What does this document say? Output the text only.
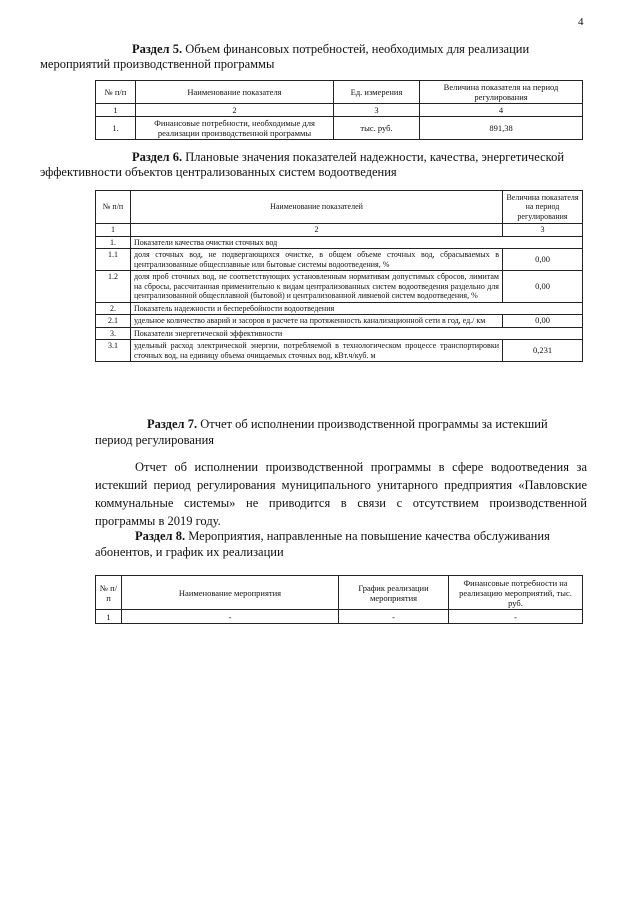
4
Раздел 5. Объем финансовых потребностей, необходимых для реализации мероприятий производственной программы
№ п/п	Наименование показателя	Ед. измерения	Величина показателя на период регулирования
1	2	3	4
1.	Финансовые потребности, необходимые для реализации производственной программы	тыс. руб.	891,38
Раздел 6. Плановые значения показателей надежности, качества, энергетической эффективности объектов централизованных систем водоотведения
№ п/п	Наименование показателей	Величина показателя на период регулирования
1	2	3
1.	Показатели качества очистки сточных вод	
1.1	доля сточных вод, не подвергающихся очистке, в общем объеме сточных вод, сбрасываемых в централизованные общесплавные или бытовые системы водоотведения, %	0,00
1.2	доля проб сточных вод, не соответствующих установленным нормативам допустимых сбросов, лимитам на сбросы, рассчитанная применительно к видам централизованных систем водоотведения раздельно для централизованной общесплавной (бытовой) и централизованной ливневой систем водоотведения, %	0,00
2.	Показатель надежности и бесперебойности водоотведения	
2.1	удельное количество аварий и засоров в расчете на протяженность канализационной сети в год, ед./ км	0,00
3.	Показатели энергетической эффективности	
3.1	удельный расход электрической энергии, потребляемой в технологическом процессе транспортировки сточных вод, на единицу объема очищаемых сточных вод, кВт.ч/куб. м	0,231
Раздел 7. Отчет об исполнении производственной программы за истекший период регулирования
Отчет об исполнении производственной программы в сфере водоотведения за истекший период регулирования муниципального унитарного предприятия «Павловские коммунальные системы» не приводится в связи с отсутствием производственной программы в 2019 году.
Раздел 8. Мероприятия, направленные на повышение качества обслуживания абонентов, и график их реализации
№ п/п	Наименование мероприятия	График реализации мероприятия	Финансовые потребности на реализацию мероприятий, тыс. руб.
1	-	-	-
